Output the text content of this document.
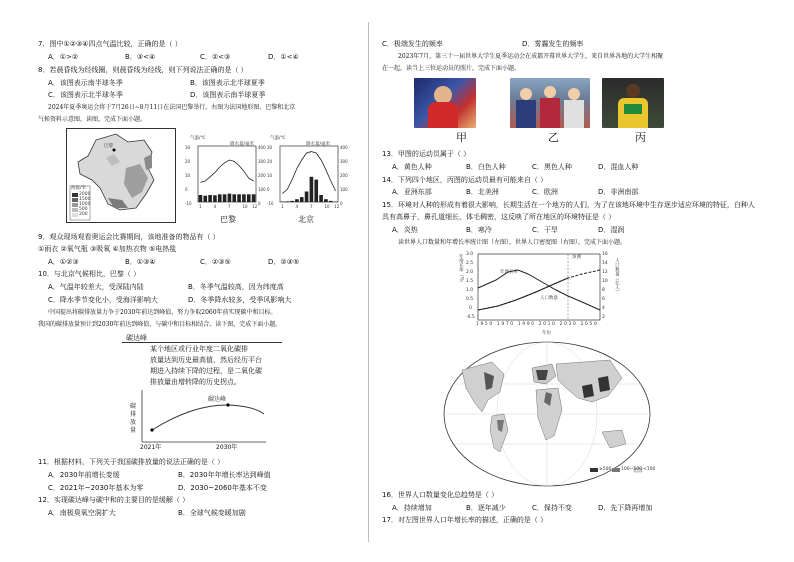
7．图中①②③④四点气温比较，正确的是（ ）
A．①>②	B．③<④	C．②<③	D．①<④
8．若晨昏线为经线圈，则晨昏线为经线，则下列说法正确的是（ ）
A．该图表示南半球冬季	B．该图表示北半球夏季
C．该图表示北半球冬季	D．该图表示南半球夏季
2024年夏季奥运会将于7月26日~8月11日在法国巴黎举行。右图为法国地形图、巴黎和北京
气候资料示意图，读图，完成下面小题。
巴黎
海拔/米
2000
1500
1000
500
200
气温/℃
降水量/毫米
30
20
10
0
-10
400
300
200
100
0
1	4	7	10 12
巴黎
气温/℃
降水量/毫米
30
20
10
0
-10
400
300
200
100
0
1	4	7	10 12
北京
9．观众现场观看奥运会比赛期间，该地准备的物品有（ ）
①雨衣 ②氧气瓶 ③吸氧 ④加热衣物 ⑤电热毯
A．①②③	B．①③④	C．②③⑤	D．②③⑤
10．与北京气候相比，巴黎（ ）
A．气温年较差大，受深陆内陆	B．冬季气温较高，因为纬度高
C．降水季节变化小，受海洋影响大	D．冬季降水较多，受季风影响大
中国提出将碳排放量力争于2030年前达到峰值，努力争取2060年前实现碳中和目标。
我国的碳排放量预计到2030年前达到峰值，与碳中和目标相结合。读下图，完成下面小题。
碳达峰
某个地区或行业年度二氧化碳排
放量达到历史最高值，然后经历平台
期进入持续下降的过程，是二氧化碳
排放量由增转降的历史拐点。
碳达峰
碳
排
放
量
2021年	2030年
11．根据材料，下列关于我国碳排放量的说法正确的是（ ）
A．2030年前增长变缓	B．2030年年增长率达到峰值
C．2021年~2030年基本为零	D．2030~2060年基本不变
12．实现碳达峰与碳中和的主要目的是缓解（ ）
A．南极臭氧空洞扩大	B．全球气候变暖加剧
C．极端发生的频率	D．雾霾发生的频率
2023年7月，第三十一届世界大学生夏季运动会在成都开幕世界大学生，来自世界各地的大学生相聚
在一起，读当上三位运动员的照片，完成下面小题。
甲	乙	丙
13．甲图的运动员属于（ ）
A．黄色人种	B．白色人种	C．黑色人种	D．混血人种
14．下列四个地区，丙图的运动员最有可能来自（ ）
A．亚洲东部	B．北美洲	C．欧洲	D．非洲南部
15．环境对人种的形成有着很大影响，长期生活在一个地方的人们，为了在该地环境中生存逐步适应环境的特征，白种人
具有高鼻子，鼻孔道细长，体毛稠密，这反映了所在地区的环境特征是（ ）
A．炎热	B．寒冷	C．干旱	D．湿润
读世界人口数量和年增长率统计图（左图），世界人口密度图（右图），完成下面小题。
年增长率（%）	人口数量（亿人）
3.0
2.5
2.0
1.5
1.0
0.5
0
-0.5
16
14
12
10
8
6
4
2
年增长率
人口数量
预测
1950 1970 1990 2010 2030 2050
年份
≥500 100~500 <100
16．世界人口数量变化总趋势是（ ）
A．持续增加	B．逐年减少	C．保持不变	D．先下降再增加
17．对左图世界人口年增长率的描述，正确的是（ ）
